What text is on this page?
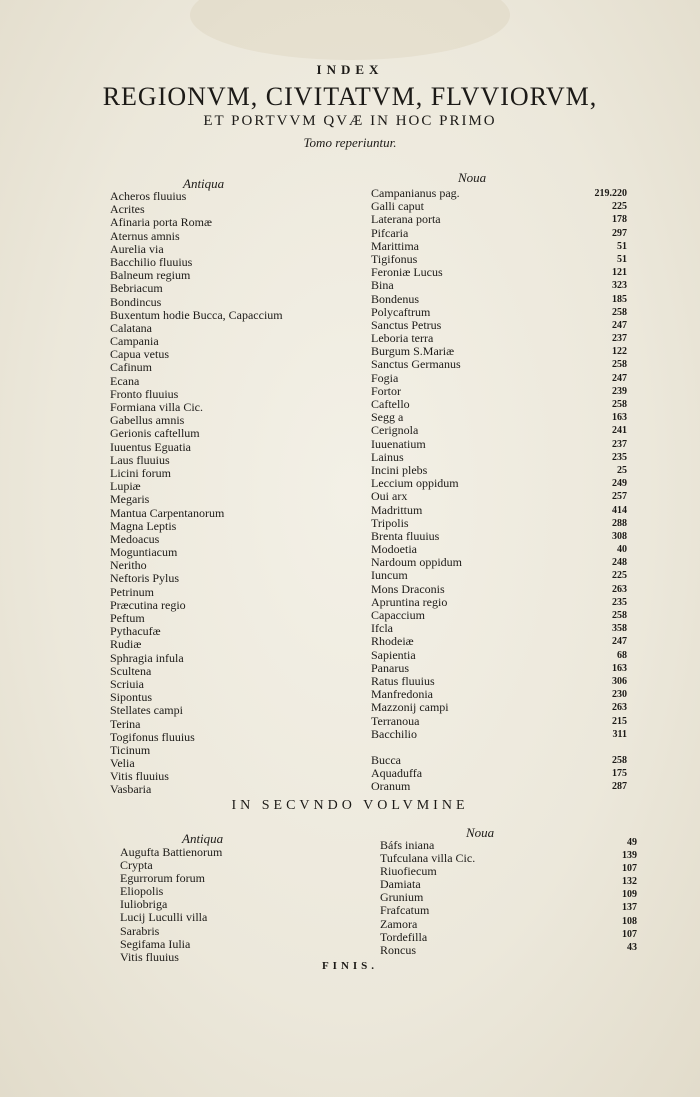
INDEX
REGIONVM, CIVITATVM, FLVVIORVM,
ET PORTVVM QVÆ IN HOC PRIMO
Tomo reperiuntur.
Antiqua	Noua
Acheros fluuius
Acrites
Afinaria porta Romæ
Aternus amnis
Aurelia via
Bacchilio fluuius
Balneum regium
Bebriacum
Bondincus
Buxentum hodie Bucca, Capaccium
Calatana
Campania
Capua vetus
Cafinum
Ecana
Fronto fluuius
Formiana villa Cic.
Gabellus amnis
Gerionis caftellum
Iuuentus Eguatia
Laus fluuius
Licini forum
Lupiæ
Megaris
Mantua Carpentanorum
Magna Leptis
Medoacus
Moguntiacum
Neritho
Neftoris Pylus
Petrinum
Præcutina regio
Peftum
Pythacufæ
Rudiæ
Sphragia infula
Scultena
Scriuia
Sipontus
Stellates campi
Terina
Togifonus fluuius
Ticinum
Velia
Vitis fluuius
Vasbaria
Campanianus pag.
Galli caput
Laterana porta
Pifcaria
Marittima
Tigifonus
Feroniæ Lucus
Bina
Bondenus
Polycaftrum
Sanctus Petrus
Leboria terra
Burgum S.Mariæ
Sanctus Germanus
Fogia
Fortor
Caftello
Segg a
Cerignola
Iuuenatium
Lainus
Incini plebs
Leccium oppidum
Oui arx
Madrittum
Tripolis
Brenta fluuius
Modoetia
Nardoum oppidum
Iuncum
Mons Draconis
Apruntina regio
Capaccium
Ifcla
Rhodeiæ
Sapientia
Panarus
Ratus fluuius
Manfredonia
Mazzonij campi
Terranoua
Bacchilio
Bucca
Aquaduffa
Oranum
219.220
225
178
297
51
51
121
323
185
258
247
237
122
258
247
239
258
163
241
237
235
25
249
257
414
288
308
40
248
225
263
235
258
358
247
68
163
306
230
263
215
311
258
175
287
IN SECVNDO VOLVMINE
Antiqua	Noua
Augufta Battienorum
Crypta
Egurrorum forum
Eliopolis
Iuliobriga
Lucij Luculli villa
Sarabris
Segifama Iulia
Vitis fluuius
Báfs iniana
Tufculana villa Cic.
Riuofiecum
Damiata
Grunium
Frafcatum
Zamora
Tordefilla
Roncus
49
139
107
132
109
137
108
107
43
FINIS.
